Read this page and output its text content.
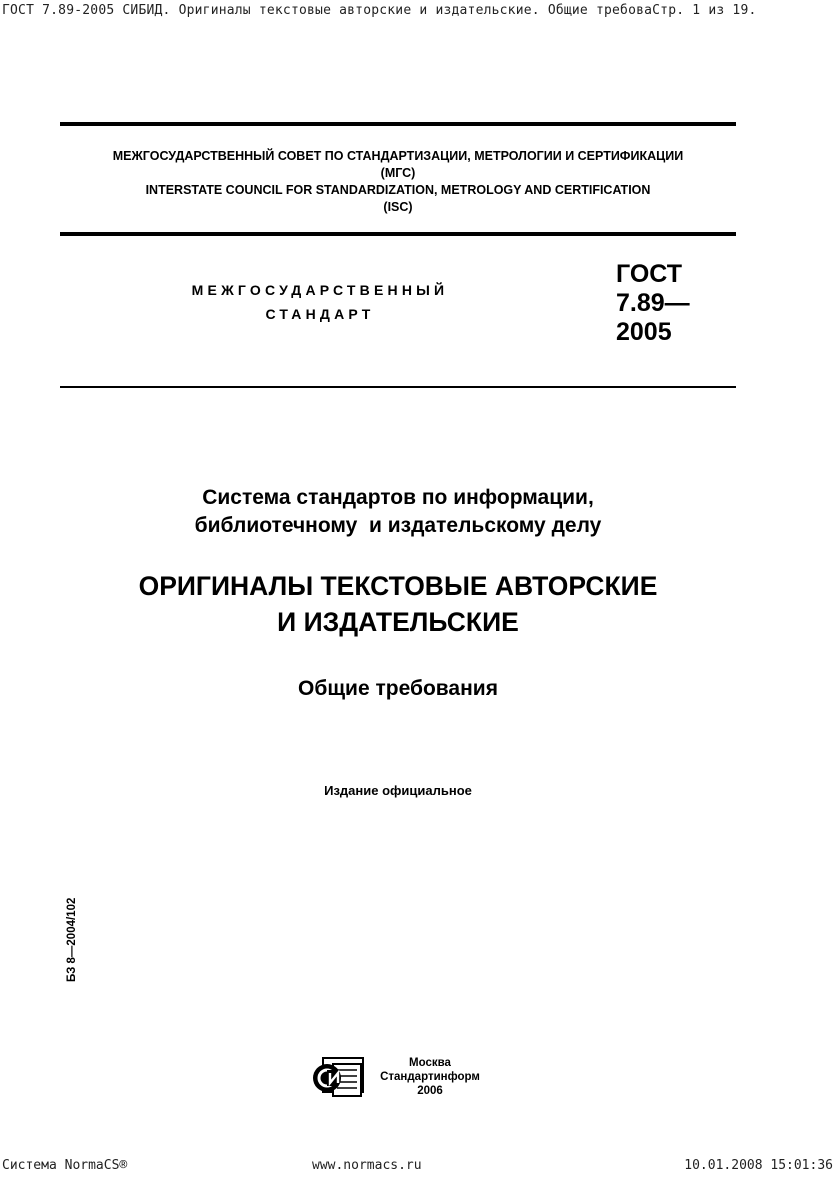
ГОСТ 7.89-2005 СИБИД. Оригиналы текстовые авторские и издательские. Общие требоваСтр. 1 из 19.
МЕЖГОСУДАРСТВЕННЫЙ СОВЕТ ПО СТАНДАРТИЗАЦИИ, МЕТРОЛОГИИ И СЕРТИФИКАЦИИ
(МГС)
INTERSTATE COUNCIL FOR STANDARDIZATION, METROLOGY AND CERTIFICATION
(ISC)
МЕЖГОСУДАРСТВЕННЫЙ
СТАНДАРТ
ГОСТ
7.89—
2005
Система стандартов по информации,
библиотечному  и издательскому делу
ОРИГИНАЛЫ ТЕКСТОВЫЕ АВТОРСКИЕ
И ИЗДАТЕЛЬСКИЕ
Общие требования
Издание официальное
БЗ 8—2004/102
Москва
Стандартинформ
2006
Система NormaCS®	www.normacs.ru	10.01.2008 15:01:36
